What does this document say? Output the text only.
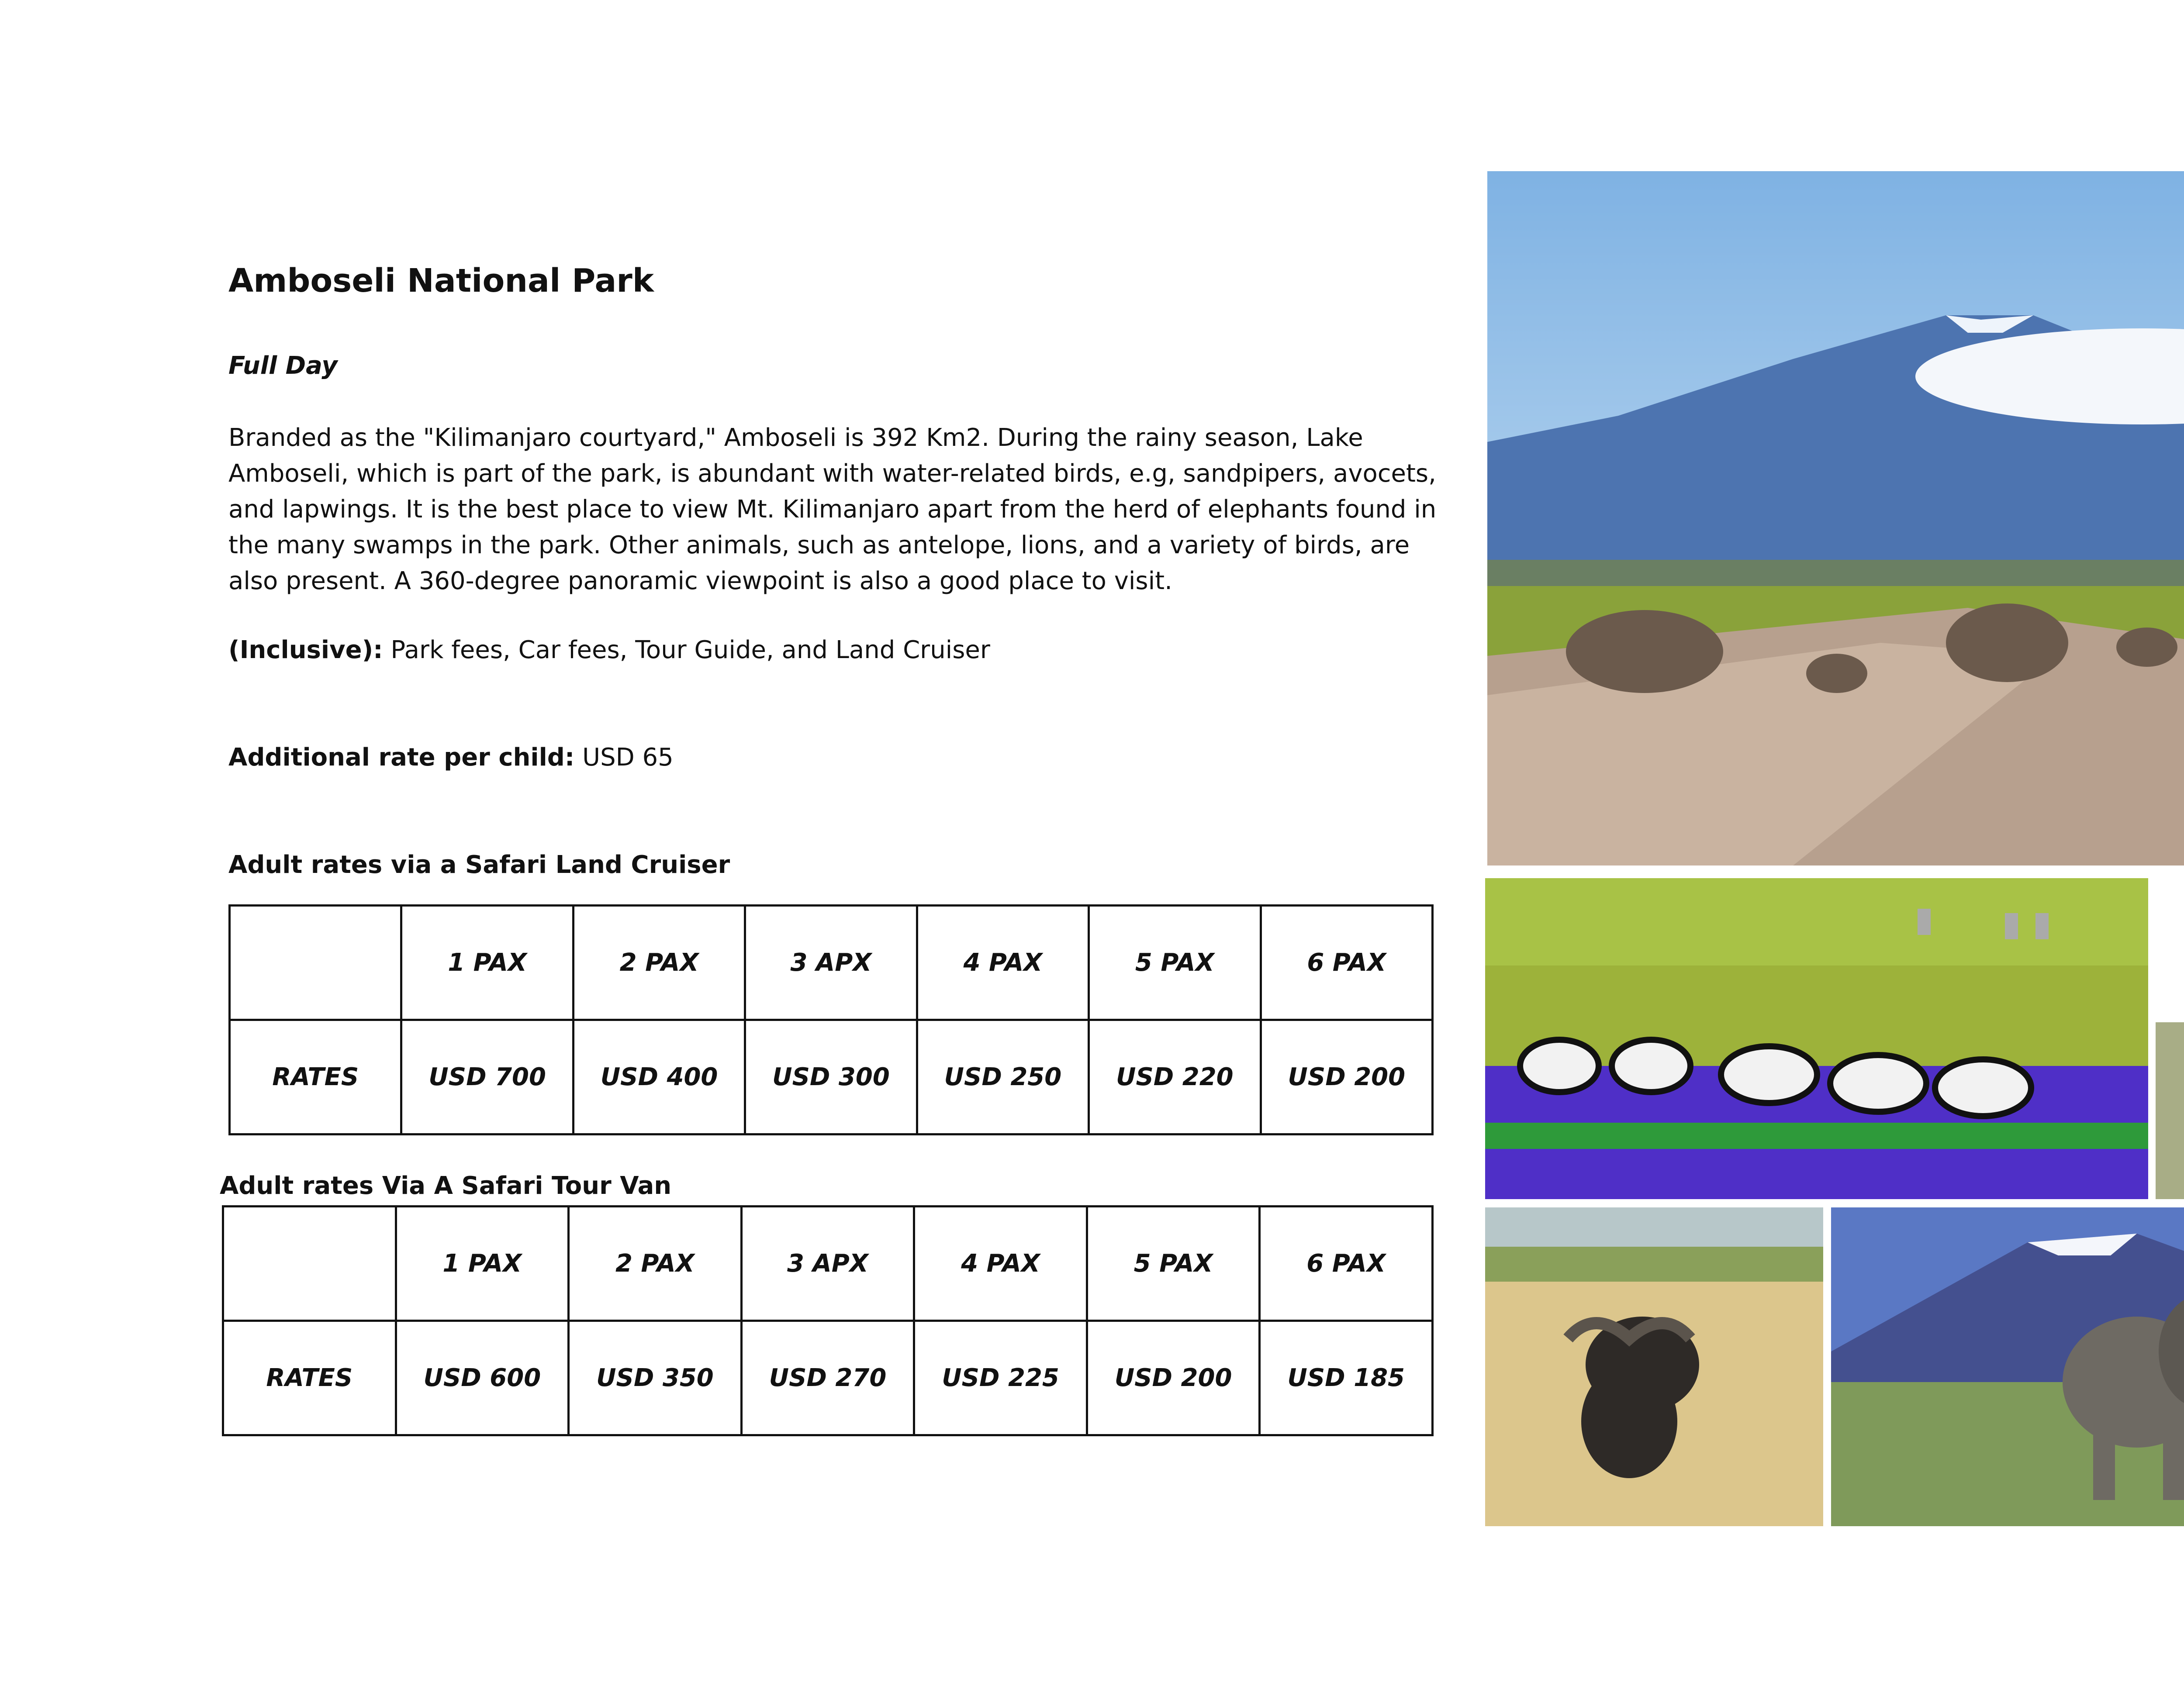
Amboseli National Park
Full Day
Branded as the "Kilimanjaro courtyard," Amboseli is 392 Km2. During the rainy season, Lake Amboseli, which is part of the park, is abundant with water-related birds, e.g, sandpipers, avocets, and lapwings. It is the best place to view Mt. Kilimanjaro apart from the herd of elephants found in the many swamps in the park. Other animals, such as antelope, lions, and a variety of birds, are also present. A 360-degree panoramic viewpoint is also a good place to visit.
(Inclusive): Park fees, Car fees, Tour Guide, and Land Cruiser
Additional rate per child: USD 65
Adult rates via a Safari Land Cruiser
	1 PAX	2 PAX	3 APX	4 PAX	5 PAX	6 PAX
RATES	USD 700	USD 400	USD 300	USD 250	USD 220	USD 200
Adult rates Via A Safari Tour Van
	1 PAX	2 PAX	3 APX	4 PAX	5 PAX	6 PAX
RATES	USD 600	USD 350	USD 270	USD 225	USD 200	USD 185
